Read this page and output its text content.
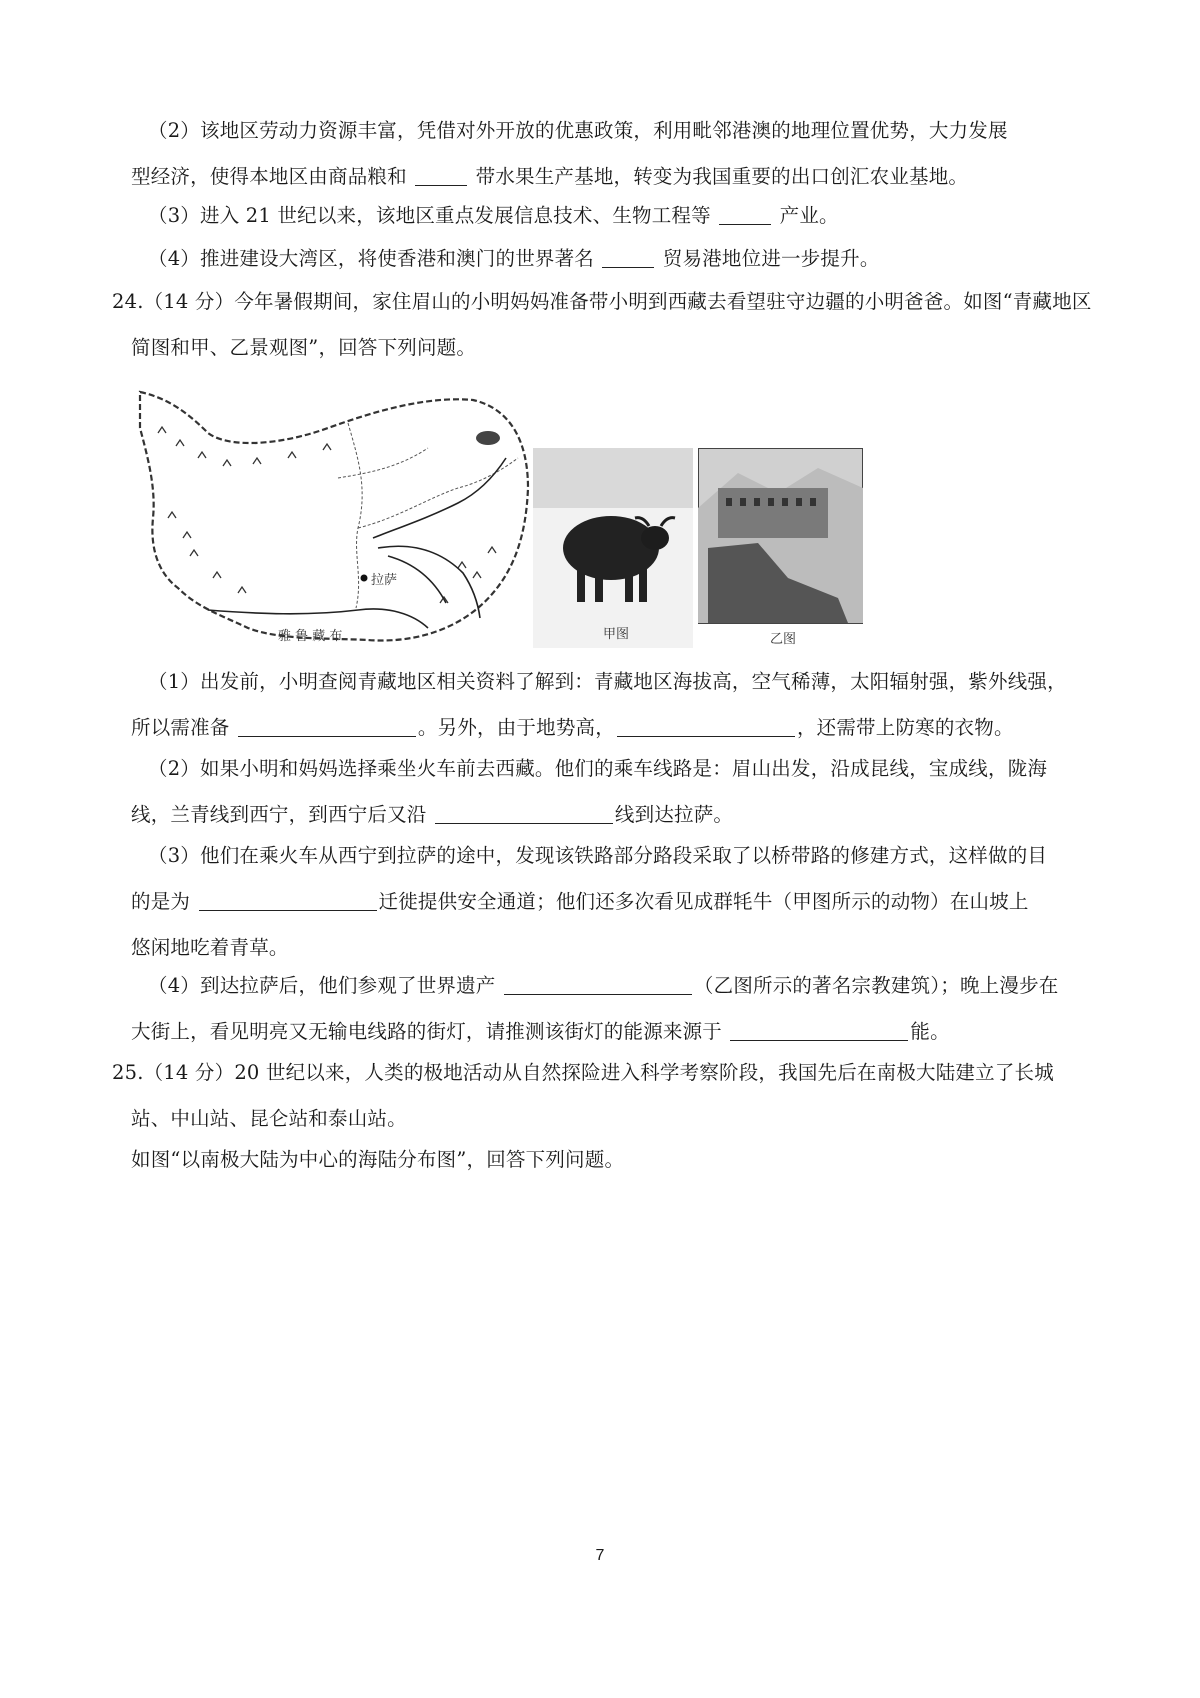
（2）该地区劳动力资源丰富，凭借对外开放的优惠政策，利用毗邻港澳的地理位置优势，大力发展
型经济，使得本地区由商品粮和	带水果生产基地，转变为我国重要的出口创汇农业基地。
（3）进入 21 世纪以来，该地区重点发展信息技术、生物工程等	产业。
（4）推进建设大湾区，将使香港和澳门的世界著名	贸易港地位进一步提升。
24.（14 分）今年暑假期间，家住眉山的小明妈妈准备带小明到西藏去看望驻守边疆的小明爸爸。如图“青藏地区简图和甲、乙景观图”，回答下列问题。
拉萨
雅 鲁 藏 布	甲图	乙图
（1）出发前，小明查阅青藏地区相关资料了解到：青藏地区海拔高，空气稀薄，太阳辐射强，紫外线强，
所以需准备	。另外，由于地势高，	，还需带上防寒的衣物。
（2）如果小明和妈妈选择乘坐火车前去西藏。他们的乘车线路是：眉山出发，沿成昆线，宝成线，陇海
线，兰青线到西宁，到西宁后又沿	线到达拉萨。
（3）他们在乘火车从西宁到拉萨的途中，发现该铁路部分路段采取了以桥带路的修建方式，这样做的目
的是为	迁徙提供安全通道；他们还多次看见成群牦牛（甲图所示的动物）在山坡上
悠闲地吃着青草。
（4）到达拉萨后，他们参观了世界遗产	（乙图所示的著名宗教建筑）；晚上漫步在
大街上，看见明亮又无输电线路的街灯，请推测该街灯的能源来源于	能。
25.（14 分）20 世纪以来，人类的极地活动从自然探险进入科学考察阶段，我国先后在南极大陆建立了长城站、中山站、昆仑站和泰山站。
如图“以南极大陆为中心的海陆分布图”，回答下列问题。
7
